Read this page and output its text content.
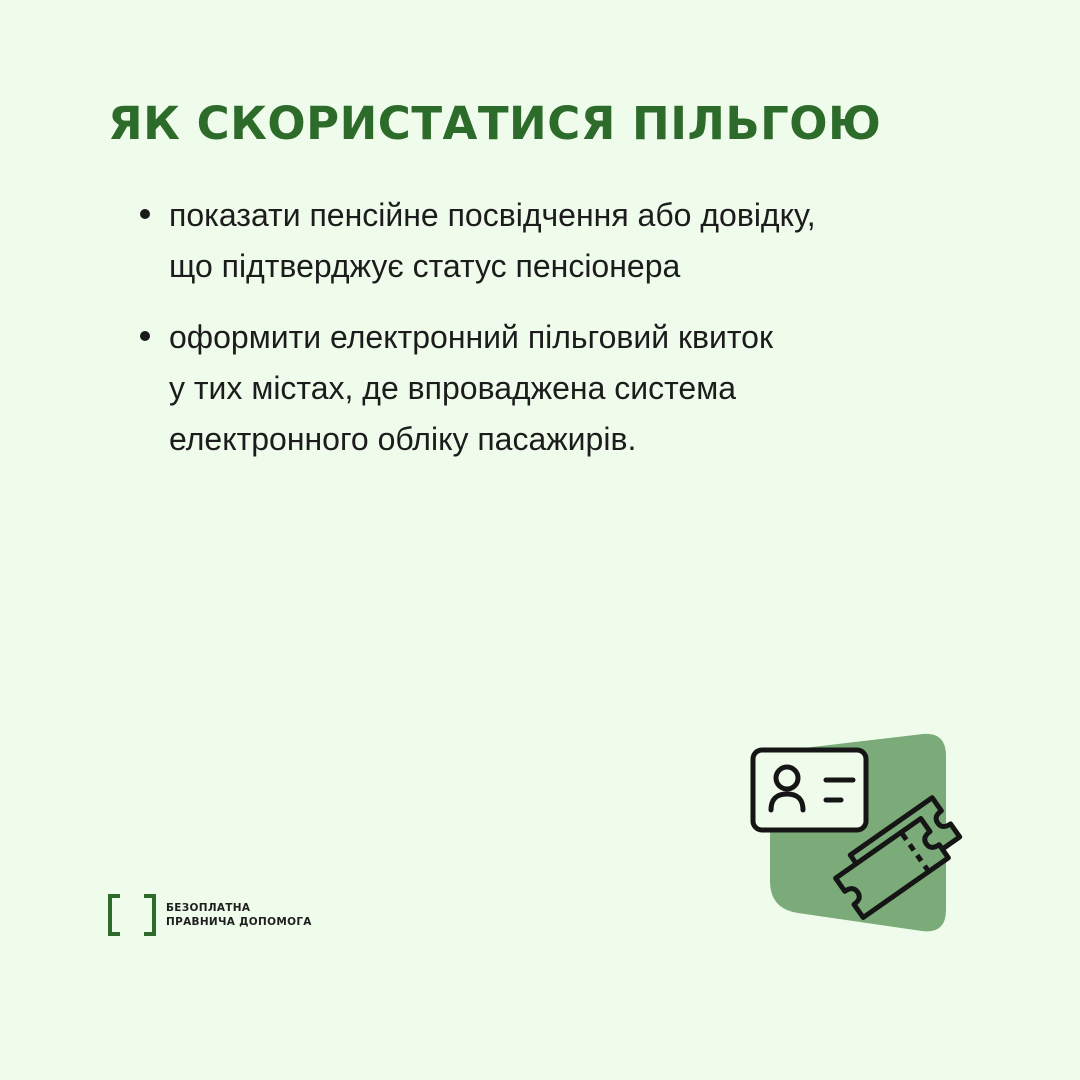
ЯК СКОРИСТАТИСЯ ПІЛЬГОЮ
показати пенсійне посвідчення або довідку,
що підтверджує статус пенсіонера
оформити електронний пільговий квиток
у тих містах, де впроваджена система
електронного обліку пасажирів.
БЕЗОПЛАТНА
ПРАВНИЧА ДОПОМОГА
